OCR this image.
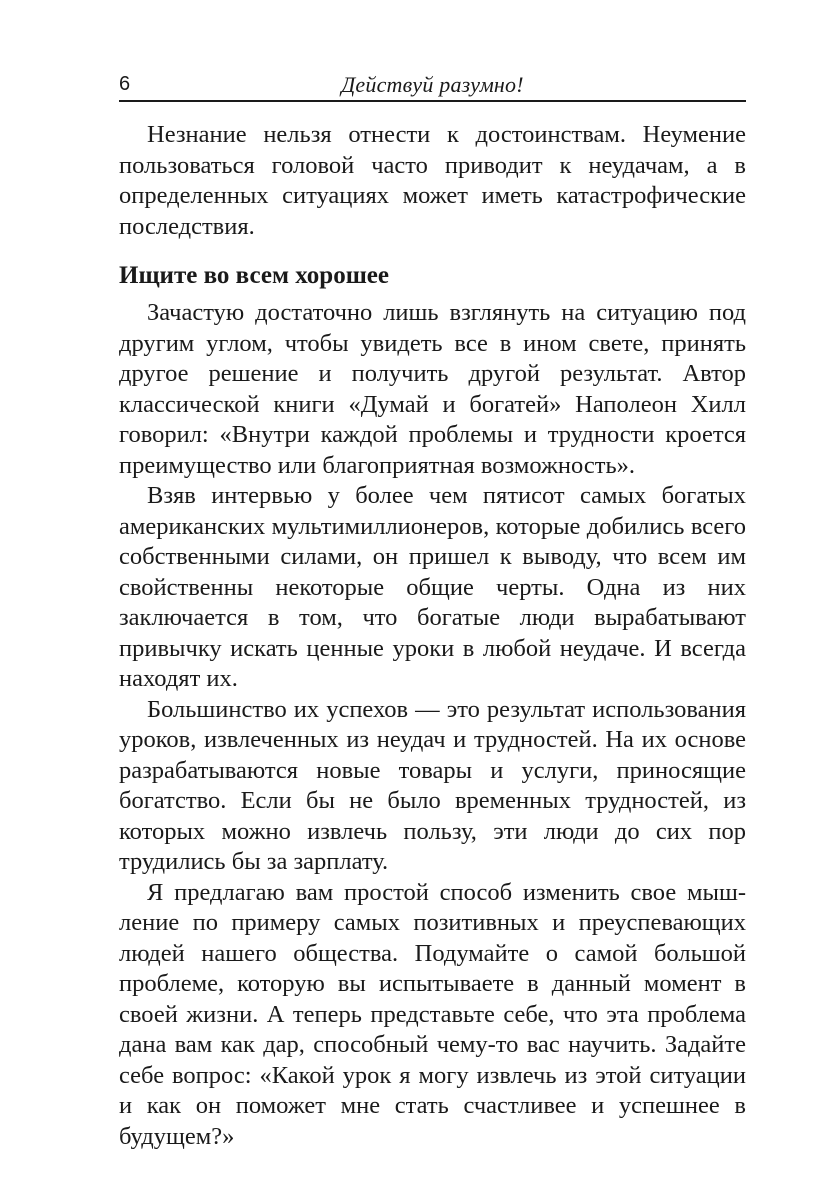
6	Действуй разумно!

Незнание нельзя отнести к достоинствам. Неумение пользоваться головой часто приводит к неудачам, а в определенных ситуациях может иметь катастрофические последствия.

Ищите во всем хорошее

Зачастую достаточно лишь взглянуть на ситуацию под другим углом, чтобы увидеть все в ином свете, принять другое решение и получить другой результат. Автор классической книги «Думай и богатей» Наполеон Хилл говорил: «Внутри каждой проблемы и трудности кроется преимущество или благоприятная возможность».

Взяв интервью у более чем пятисот самых богатых американских мультимиллионеров, которые добились всего собственными силами, он пришел к выводу, что всем им свойственны некоторые общие черты. Одна из них заключается в том, что богатые люди вырабатывают привычку искать ценные уроки в любой неудаче. И всегда находят их.

Большинство их успехов — это результат использования уроков, извлеченных из неудач и трудностей. На их основе разрабатываются новые товары и услуги, приносящие богатство. Если бы не было временных трудностей, из которых можно извлечь пользу, эти люди до сих пор трудились бы за зарплату.

Я предлагаю вам простой способ изменить свое мышление по примеру самых позитивных и преуспевающих людей нашего общества. Подумайте о самой большой проблеме, которую вы испытываете в данный момент в своей жизни. А теперь представьте себе, что эта проблема дана вам как дар, способный чему-то вас научить. Задайте себе вопрос: «Какой урок я могу извлечь из этой ситуации и как он поможет мне стать счастливее и успешнее в будущем?»
